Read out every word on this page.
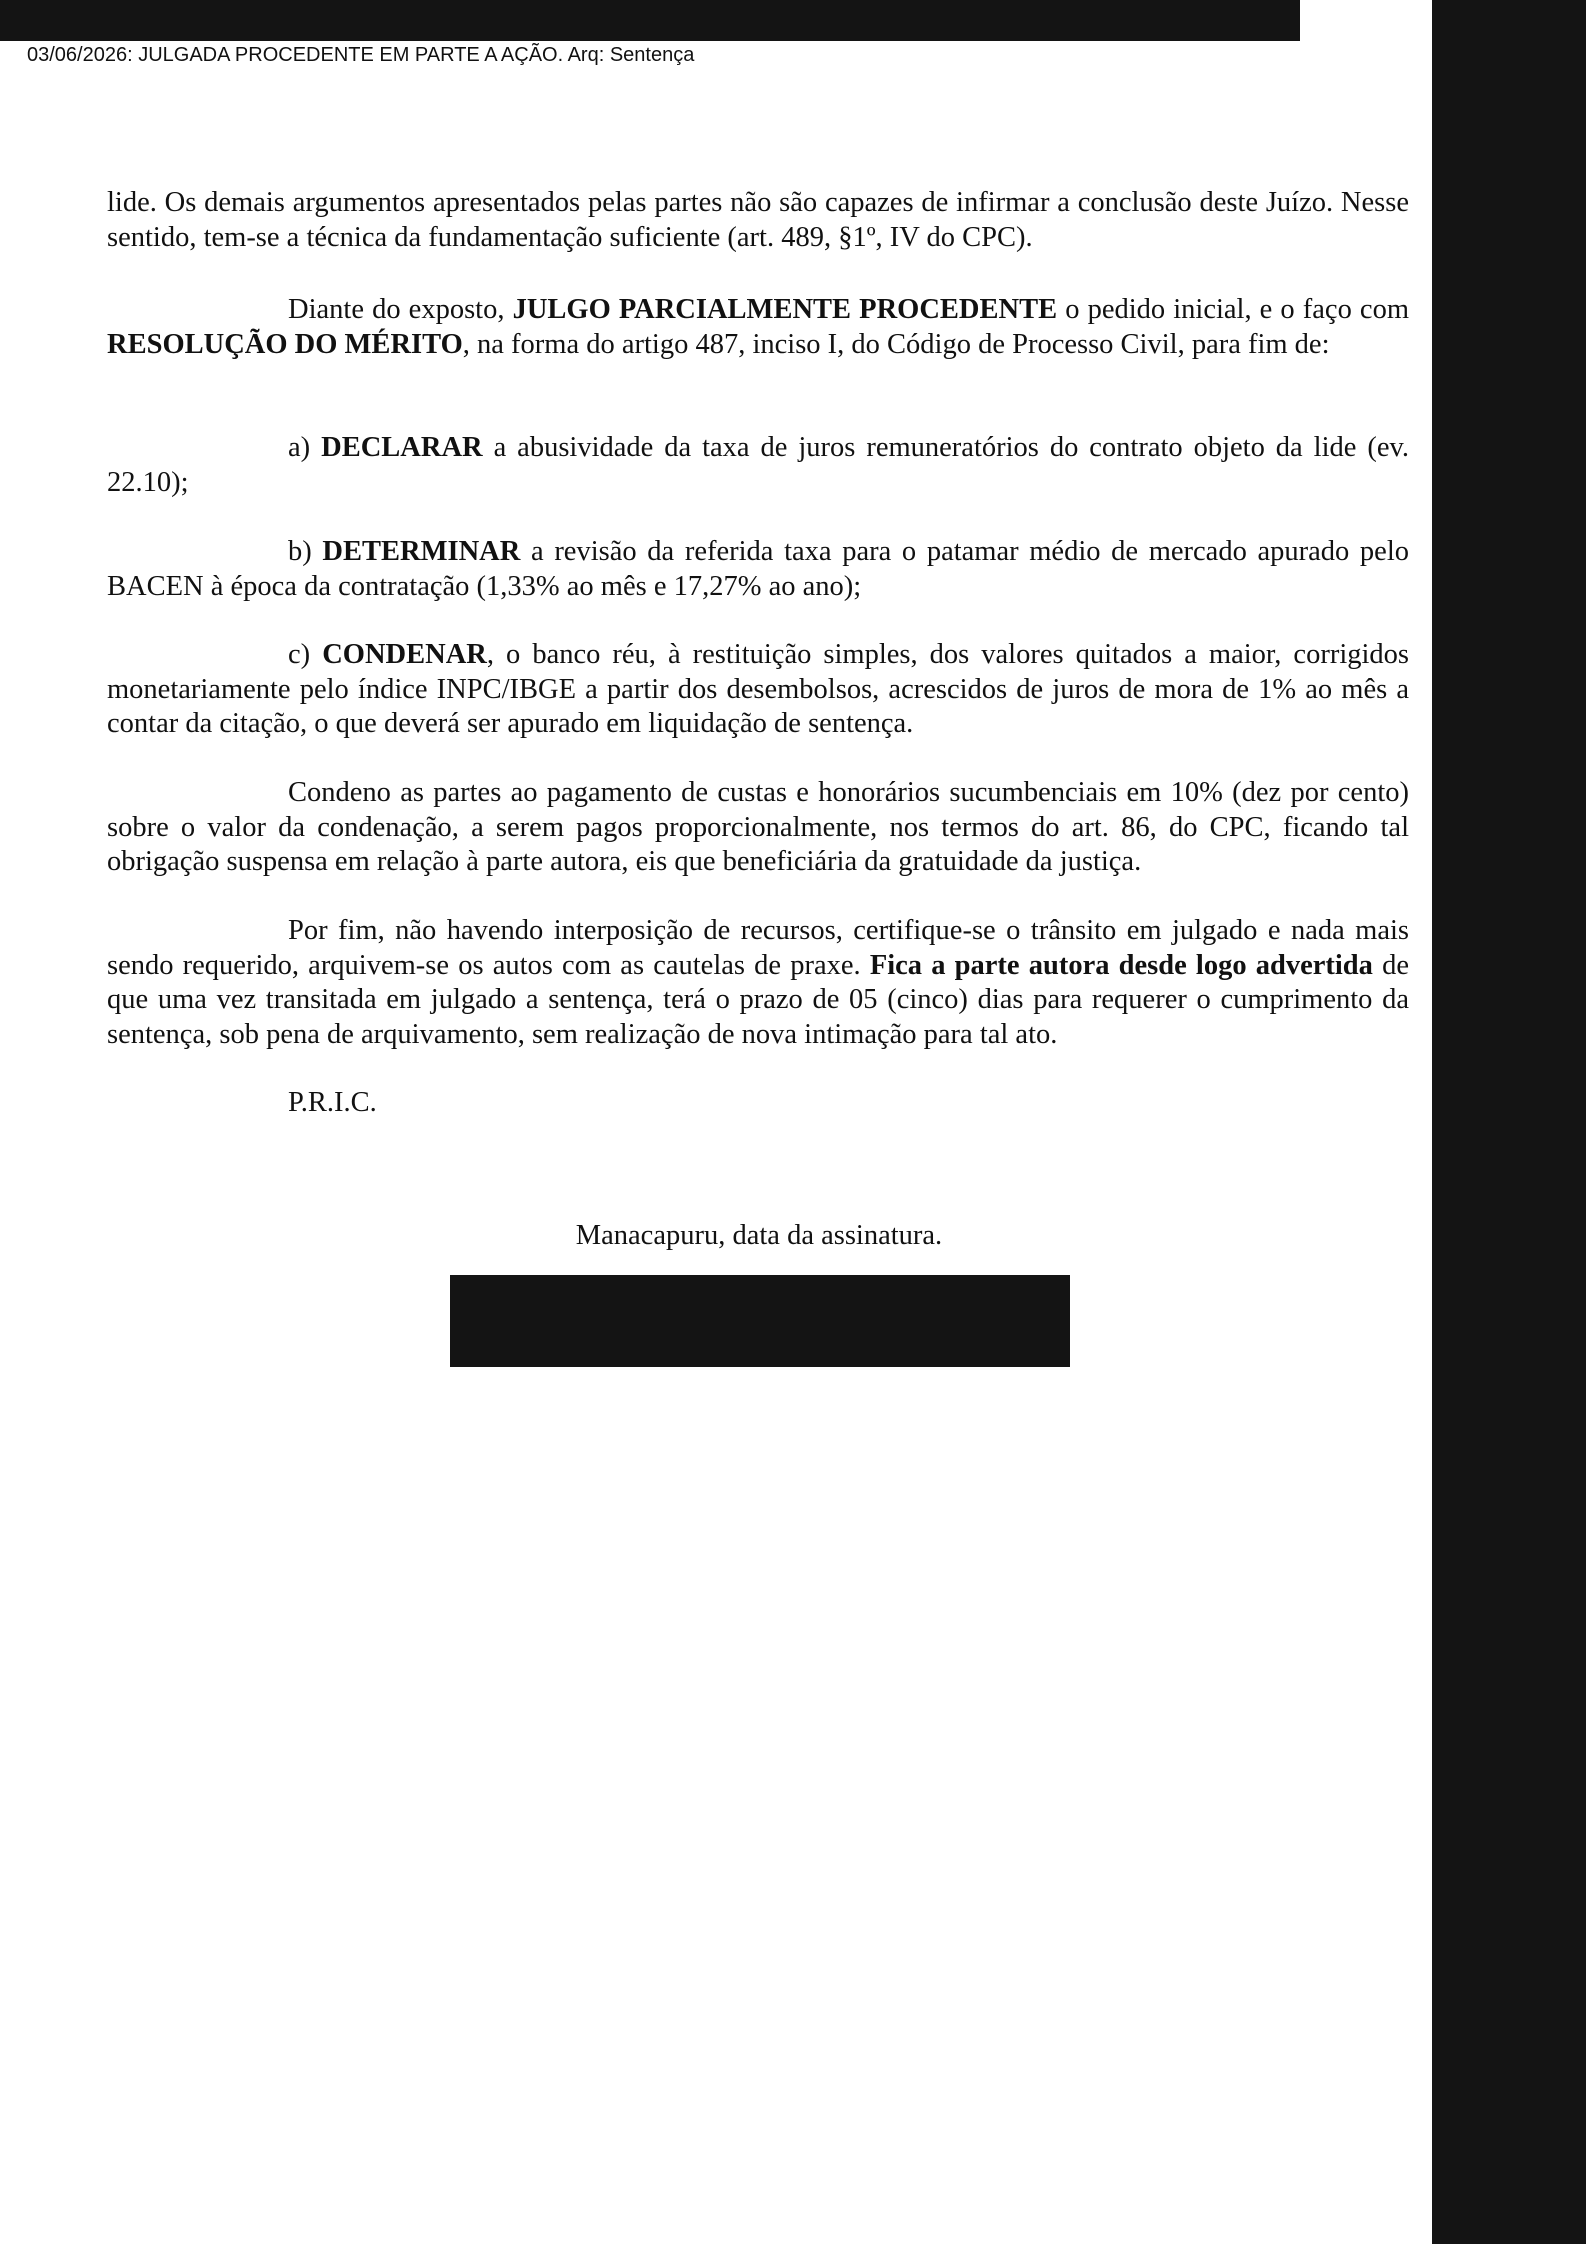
03/06/2026: JULGADA PROCEDENTE EM PARTE A AÇÃO. Arq: Sentença

lide. Os demais argumentos apresentados pelas partes não são capazes de infirmar a conclusão deste Juízo. Nesse sentido, tem-se a técnica da fundamentação suficiente (art. 489, §1º, IV do CPC).

Diante do exposto, JULGO PARCIALMENTE PROCEDENTE o pedido inicial, e o faço com RESOLUÇÃO DO MÉRITO, na forma do artigo 487, inciso I, do Código de Processo Civil, para fim de:

a) DECLARAR a abusividade da taxa de juros remuneratórios do contrato objeto da lide (ev. 22.10);

b) DETERMINAR a revisão da referida taxa para o patamar médio de mercado apurado pelo BACEN à época da contratação (1,33% ao mês e 17,27% ao ano);

c) CONDENAR, o banco réu, à restituição simples, dos valores quitados a maior, corrigidos monetariamente pelo índice INPC/IBGE a partir dos desembolsos, acrescidos de juros de mora de 1% ao mês a contar da citação, o que deverá ser apurado em liquidação de sentença.

Condeno as partes ao pagamento de custas e honorários sucumbenciais em 10% (dez por cento) sobre o valor da condenação, a serem pagos proporcionalmente, nos termos do art. 86, do CPC, ficando tal obrigação suspensa em relação à parte autora, eis que beneficiária da gratuidade da justiça.

Por fim, não havendo interposição de recursos, certifique-se o trânsito em julgado e nada mais sendo requerido, arquivem-se os autos com as cautelas de praxe. Fica a parte autora desde logo advertida de que uma vez transitada em julgado a sentença, terá o prazo de 05 (cinco) dias para requerer o cumprimento da sentença, sob pena de arquivamento, sem realização de nova intimação para tal ato.

P.R.I.C.

Manacapuru, data da assinatura.
